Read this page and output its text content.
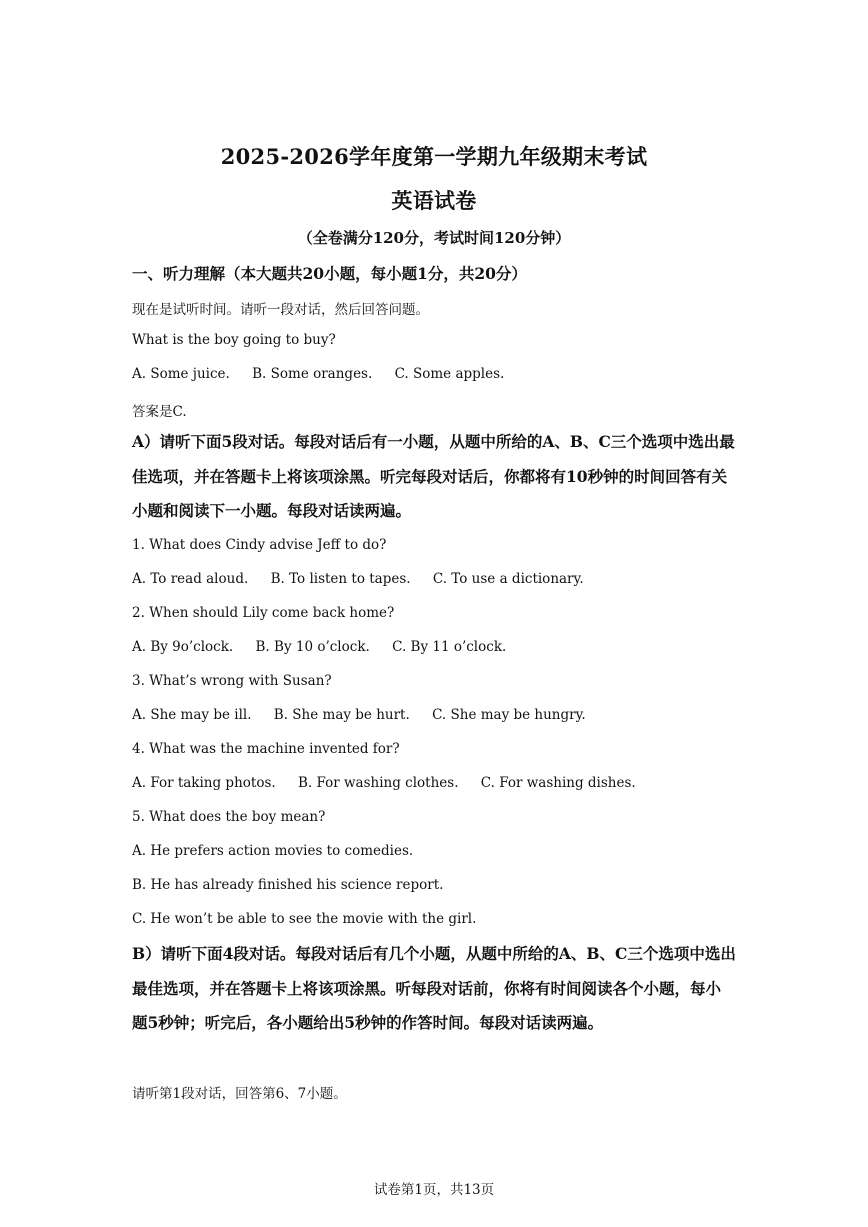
2025-2026学年度第一学期九年级期末考试
英语试卷
（全卷满分120分，考试时间120分钟）
一、听力理解（本大题共20小题，每小题1分，共20分）
现在是试听时间。请听一段对话，然后回答问题。
What is the boy going to buy?
A. Some juice. B. Some oranges. C. Some apples.
答案是C.
A）请听下面5段对话。每段对话后有一小题，从题中所给的A、B、C三个选项中选出最佳选项，并在答题卡上将该项涂黑。听完每段对话后，你都将有10秒钟的时间回答有关小题和阅读下一小题。每段对话读两遍。
1. What does Cindy advise Jeff to do?
A. To read aloud. B. To listen to tapes. C. To use a dictionary.
2. When should Lily come back home?
A. By 9o’clock. B. By 10 o’clock. C. By 11 o’clock.
3. What’s wrong with Susan?
A. She may be ill. B. She may be hurt. C. She may be hungry.
4. What was the machine invented for?
A. For taking photos. B. For washing clothes. C. For washing dishes.
5. What does the boy mean?
A. He prefers action movies to comedies.
B. He has already finished his science report.
C. He won’t be able to see the movie with the girl.
B）请听下面4段对话。每段对话后有几个小题，从题中所给的A、B、C三个选项中选出最佳选项，并在答题卡上将该项涂黑。听每段对话前，你将有时间阅读各个小题，每小题5秒钟；听完后，各小题给出5秒钟的作答时间。每段对话读两遍。
请听第1段对话，回答第6、7小题。
试卷第1页，共13页
